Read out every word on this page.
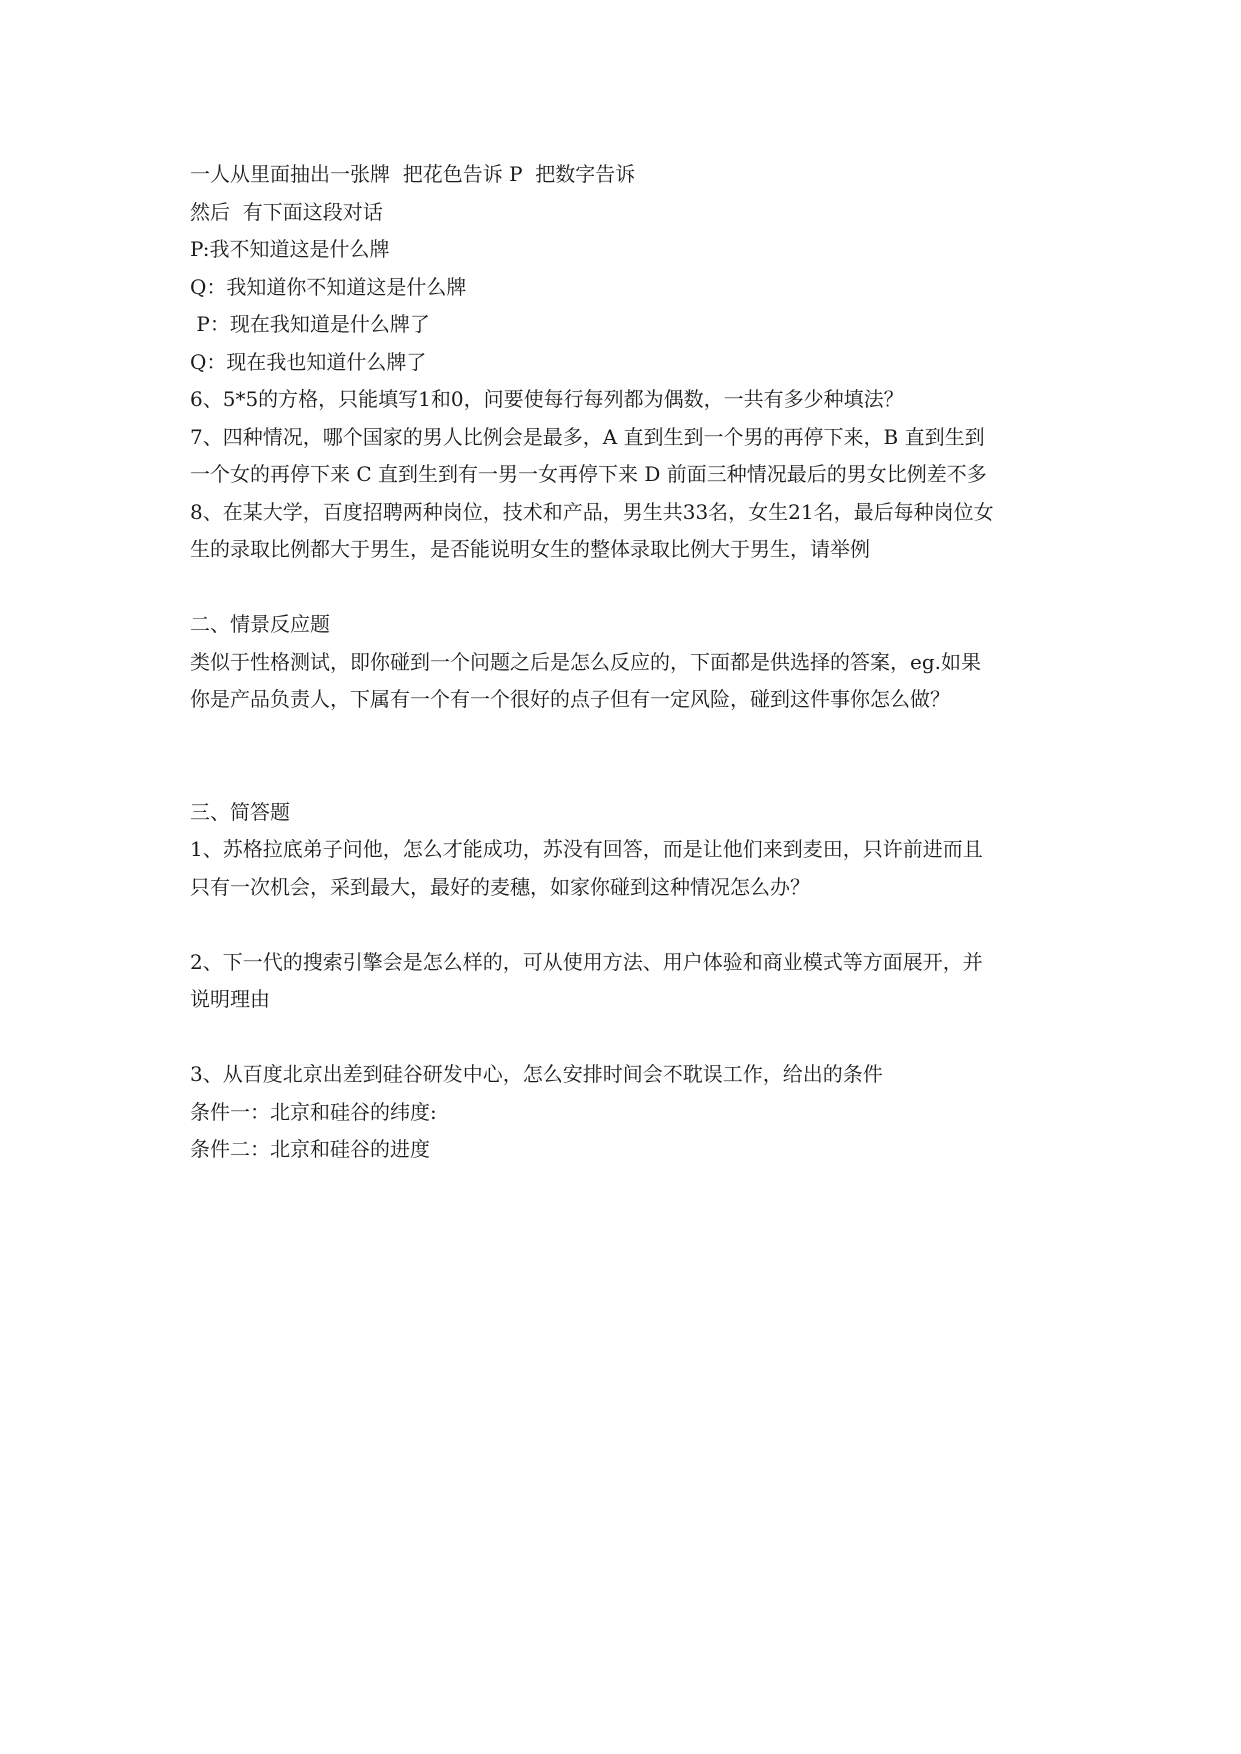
一人从里面抽出一张牌  把花色告诉 P  把数字告诉
然后  有下面这段对话
P:我不知道这是什么牌
Q：我知道你不知道这是什么牌
P：现在我知道是什么牌了
Q：现在我也知道什么牌了
6、5*5的方格，只能填写1和0，问要使每行每列都为偶数，一共有多少种填法？
7、四种情况，哪个国家的男人比例会是最多，A 直到生到一个男的再停下来，B 直到生到
一个女的再停下来 C 直到生到有一男一女再停下来 D 前面三种情况最后的男女比例差不多
8、在某大学，百度招聘两种岗位，技术和产品，男生共33名，女生21名，最后每种岗位女
生的录取比例都大于男生，是否能说明女生的整体录取比例大于男生，请举例
二、情景反应题
类似于性格测试，即你碰到一个问题之后是怎么反应的，下面都是供选择的答案，eg.如果
你是产品负责人，下属有一个有一个很好的点子但有一定风险，碰到这件事你怎么做？
三、简答题
1、苏格拉底弟子问他，怎么才能成功，苏没有回答，而是让他们来到麦田，只许前进而且
只有一次机会，采到最大，最好的麦穗，如家你碰到这种情况怎么办？
2、下一代的搜索引擎会是怎么样的，可从使用方法、用户体验和商业模式等方面展开，并
说明理由
3、从百度北京出差到硅谷研发中心，怎么安排时间会不耽误工作，给出的条件
条件一：北京和硅谷的纬度:
条件二：北京和硅谷的进度
